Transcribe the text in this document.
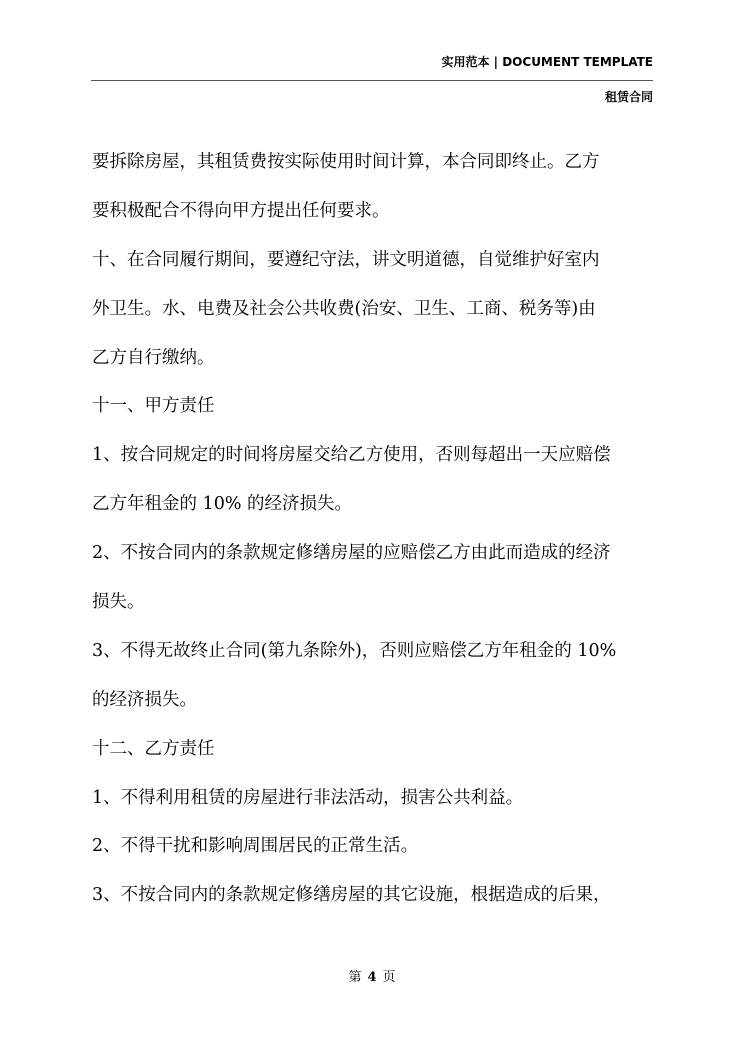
实用范本 | DOCUMENT TEMPLATE
租赁合同
要拆除房屋，其租赁费按实际使用时间计算，本合同即终止。乙方
要积极配合不得向甲方提出任何要求。
十、在合同履行期间，要遵纪守法，讲文明道德，自觉维护好室内
外卫生。水、电费及社会公共收费(治安、卫生、工商、税务等)由
乙方自行缴纳。
十一、甲方责任
1、按合同规定的时间将房屋交给乙方使用，否则每超出一天应赔偿
乙方年租金的 10% 的经济损失。
2、不按合同内的条款规定修缮房屋的应赔偿乙方由此而造成的经济
损失。
3、不得无故终止合同(第九条除外)，否则应赔偿乙方年租金的 10%
的经济损失。
十二、乙方责任
1、不得利用租赁的房屋进行非法活动，损害公共利益。
2、不得干扰和影响周围居民的正常生活。
3、不按合同内的条款规定修缮房屋的其它设施，根据造成的后果，
第 4 页
